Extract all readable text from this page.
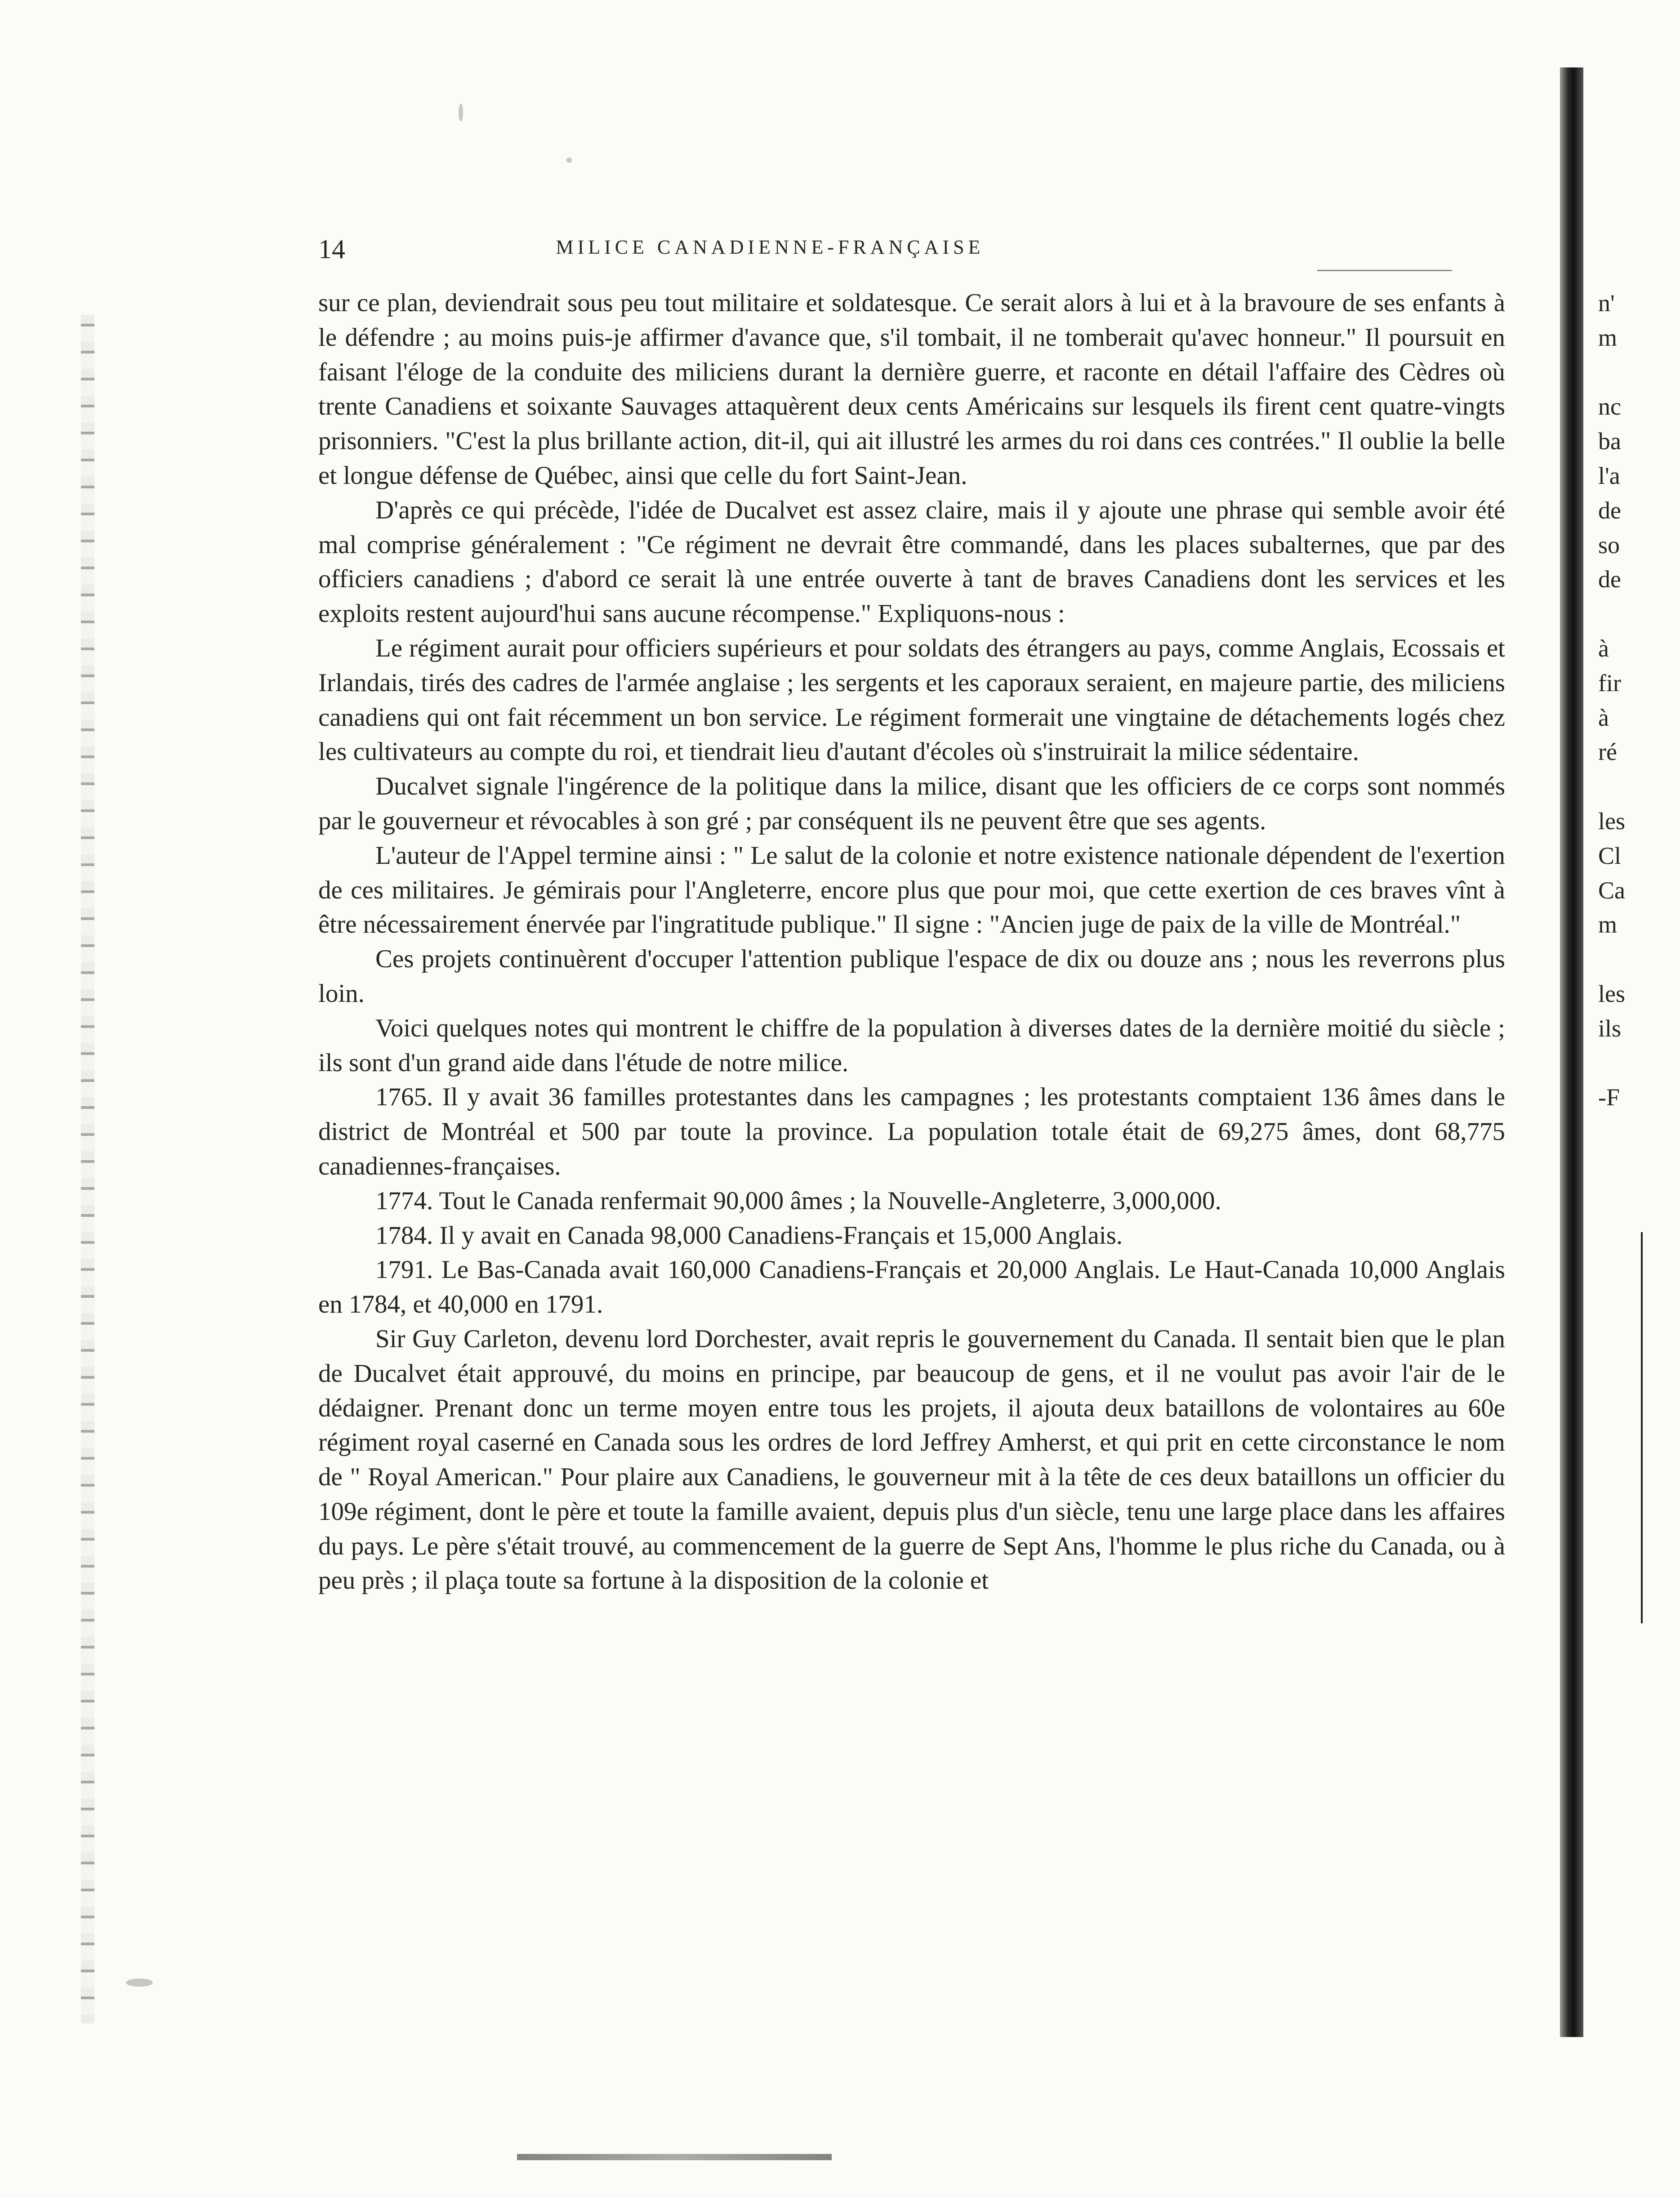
14	MILICE CANADIENNE-FRANÇAISE

sur ce plan, deviendrait sous peu tout militaire et soldatesque. Ce serait alors à lui et à la bravoure de ses enfants à le défendre ; au moins puis-je affirmer d'avance que, s'il tombait, il ne tomberait qu'avec honneur." Il poursuit en faisant l'éloge de la conduite des miliciens durant la dernière guerre, et raconte en détail l'affaire des Cèdres où trente Canadiens et soixante Sauvages attaquèrent deux cents Américains sur lesquels ils firent cent quatre-vingts prisonniers. "C'est la plus brillante action, dit-il, qui ait illustré les armes du roi dans ces contrées." Il oublie la belle et longue défense de Québec, ainsi que celle du fort Saint-Jean.

D'après ce qui précède, l'idée de Ducalvet est assez claire, mais il y ajoute une phrase qui semble avoir été mal comprise généralement : "Ce régiment ne devrait être commandé, dans les places subalternes, que par des officiers canadiens ; d'abord ce serait là une entrée ouverte à tant de braves Canadiens dont les services et les exploits restent aujourd'hui sans aucune récompense." Expliquons-nous :

Le régiment aurait pour officiers supérieurs et pour soldats des étrangers au pays, comme Anglais, Ecossais et Irlandais, tirés des cadres de l'armée anglaise ; les sergents et les caporaux seraient, en majeure partie, des miliciens canadiens qui ont fait récemment un bon service. Le régiment formerait une vingtaine de détachements logés chez les cultivateurs au compte du roi, et tiendrait lieu d'autant d'écoles où s'instruirait la milice sédentaire.

Ducalvet signale l'ingérence de la politique dans la milice, disant que les officiers de ce corps sont nommés par le gouverneur et révocables à son gré ; par conséquent ils ne peuvent être que ses agents.

L'auteur de l'Appel termine ainsi : " Le salut de la colonie et notre existence nationale dépendent de l'exertion de ces militaires. Je gémirais pour l'Angleterre, encore plus que pour moi, que cette exertion de ces braves vînt à être nécessairement énervée par l'ingratitude publique." Il signe : "Ancien juge de paix de la ville de Montréal."

Ces projets continuèrent d'occuper l'attention publique l'espace de dix ou douze ans ; nous les reverrons plus loin.

Voici quelques notes qui montrent le chiffre de la population à diverses dates de la dernière moitié du siècle ; ils sont d'un grand aide dans l'étude de notre milice.

1765. Il y avait 36 familles protestantes dans les campagnes ; les protestants comptaient 136 âmes dans le district de Montréal et 500 par toute la province. La population totale était de 69,275 âmes, dont 68,775 canadiennes-françaises.

1774. Tout le Canada renfermait 90,000 âmes ; la Nouvelle-Angleterre, 3,000,000.

1784. Il y avait en Canada 98,000 Canadiens-Français et 15,000 Anglais.

1791. Le Bas-Canada avait 160,000 Canadiens-Français et 20,000 Anglais. Le Haut-Canada 10,000 Anglais en 1784, et 40,000 en 1791.

Sir Guy Carleton, devenu lord Dorchester, avait repris le gouvernement du Canada. Il sentait bien que le plan de Ducalvet était approuvé, du moins en principe, par beaucoup de gens, et il ne voulut pas avoir l'air de le dédaigner. Prenant donc un terme moyen entre tous les projets, il ajouta deux bataillons de volontaires au 60e régiment royal caserné en Canada sous les ordres de lord Jeffrey Amherst, et qui prit en cette circonstance le nom de " Royal American." Pour plaire aux Canadiens, le gouverneur mit à la tête de ces deux bataillons un officier du 109e régiment, dont le père et toute la famille avaient, depuis plus d'un siècle, tenu une large place dans les affaires du pays. Le père s'était trouvé, au commencement de la guerre de Sept Ans, l'homme le plus riche du Canada, ou à peu près ; il plaça toute sa fortune à la disposition de la colonie et

n'
m
nc
ba
l'a
de
so
de
à
fir
à
ré
les
Cl
Ca
m
les
ils
-F
